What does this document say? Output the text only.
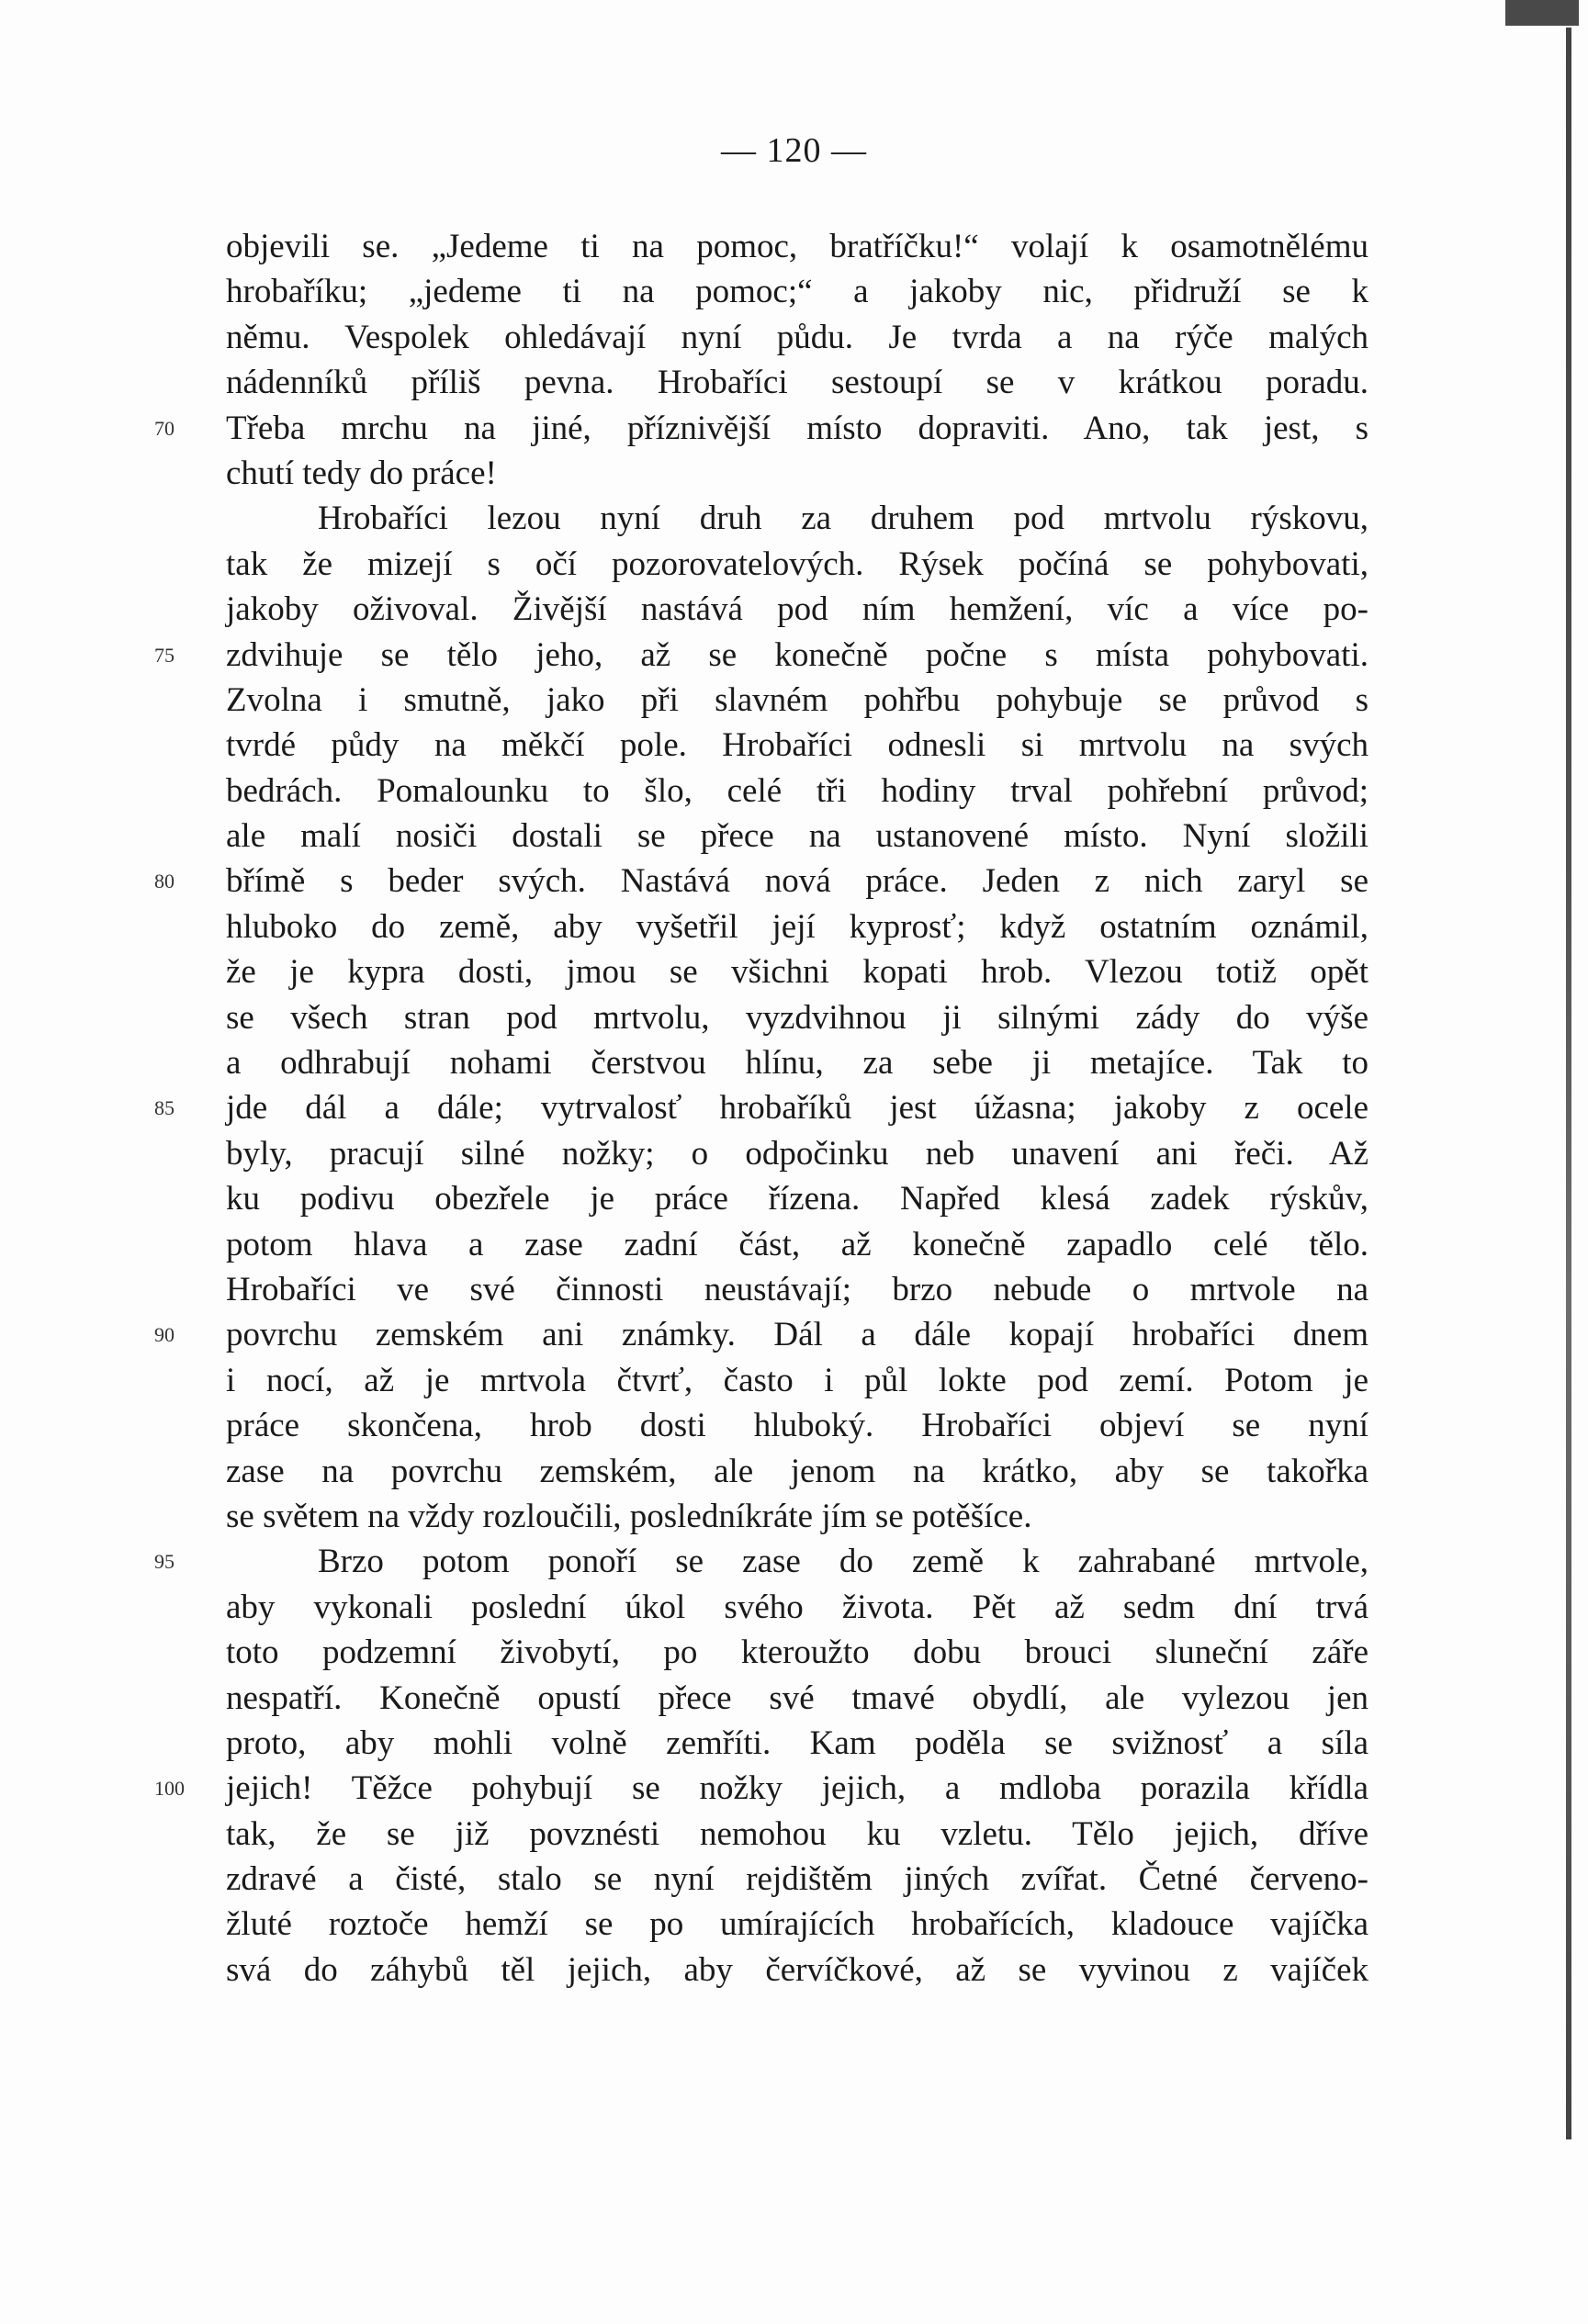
— 120 —
objevili se. „Jedeme ti na pomoc, bratříčku!“ volají k osamotnělému
hrobaříku; „jedeme ti na pomoc;“ a jakoby nic, přidruží se k
němu. Vespolek ohledávají nyní půdu. Je tvrda a na rýče malých
nádenníků příliš pevna. Hrobaříci sestoupí se v krátkou poradu.
Třeba mrchu na jiné, příznivější místo dopraviti. Ano, tak jest, s
70
chutí tedy do práce!
Hrobaříci lezou nyní druh za druhem pod mrtvolu rýskovu,
tak že mizejí s očí pozorovatelových. Rýsek počíná se pohybovati,
jakoby oživoval. Živější nastává pod ním hemžení, víc a více po-
zdvihuje se tělo jeho, až se konečně počne s místa pohybovati.
75
Zvolna i smutně, jako při slavném pohřbu pohybuje se průvod s
tvrdé půdy na měkčí pole. Hrobaříci odnesli si mrtvolu na svých
bedrách. Pomalounku to šlo, celé tři hodiny trval pohřební průvod;
ale malí nosiči dostali se přece na ustanovené místo. Nyní složili
břímě s beder svých. Nastává nová práce. Jeden z nich zaryl se
80
hluboko do země, aby vyšetřil její kyprosť; když ostatním oznámil,
že je kypra dosti, jmou se všichni kopati hrob. Vlezou totiž opět
se všech stran pod mrtvolu, vyzdvihnou ji silnými zády do výše
a odhrabují nohami čerstvou hlínu, za sebe ji metajíce. Tak to
jde dál a dále; vytrvalosť hrobaříků jest úžasna; jakoby z ocele
85
byly, pracují silné nožky; o odpočinku neb unavení ani řeči. Až
ku podivu obezřele je práce řízena. Napřed klesá zadek rýskův,
potom hlava a zase zadní část, až konečně zapadlo celé tělo.
Hrobaříci ve své činnosti neustávají; brzo nebude o mrtvole na
povrchu zemském ani známky. Dál a dále kopají hrobaříci dnem
90
i nocí, až je mrtvola čtvrť, často i půl lokte pod zemí. Potom je
práce skončena, hrob dosti hluboký. Hrobaříci objeví se nyní
zase na povrchu zemském, ale jenom na krátko, aby se takořka
se světem na vždy rozloučili, posledníkráte jím se potěšíce.
Brzo potom ponoří se zase do země k zahrabané mrtvole,
95
aby vykonali poslední úkol svého života. Pět až sedm dní trvá
toto podzemní živobytí, po kteroužto dobu brouci sluneční záře
nespatří. Konečně opustí přece své tmavé obydlí, ale vylezou jen
proto, aby mohli volně zemříti. Kam poděla se svižnosť a síla
jejich! Těžce pohybují se nožky jejich, a mdloba porazila křídla
100
tak, že se již povznésti nemohou ku vzletu. Tělo jejich, dříve
zdravé a čisté, stalo se nyní rejdištěm jiných zvířat. Četné červeno-
žluté roztoče hemží se po umírajících hrobařících, kladouce vajíčka
svá do záhybů těl jejich, aby červíčkové, až se vyvinou z vajíček
